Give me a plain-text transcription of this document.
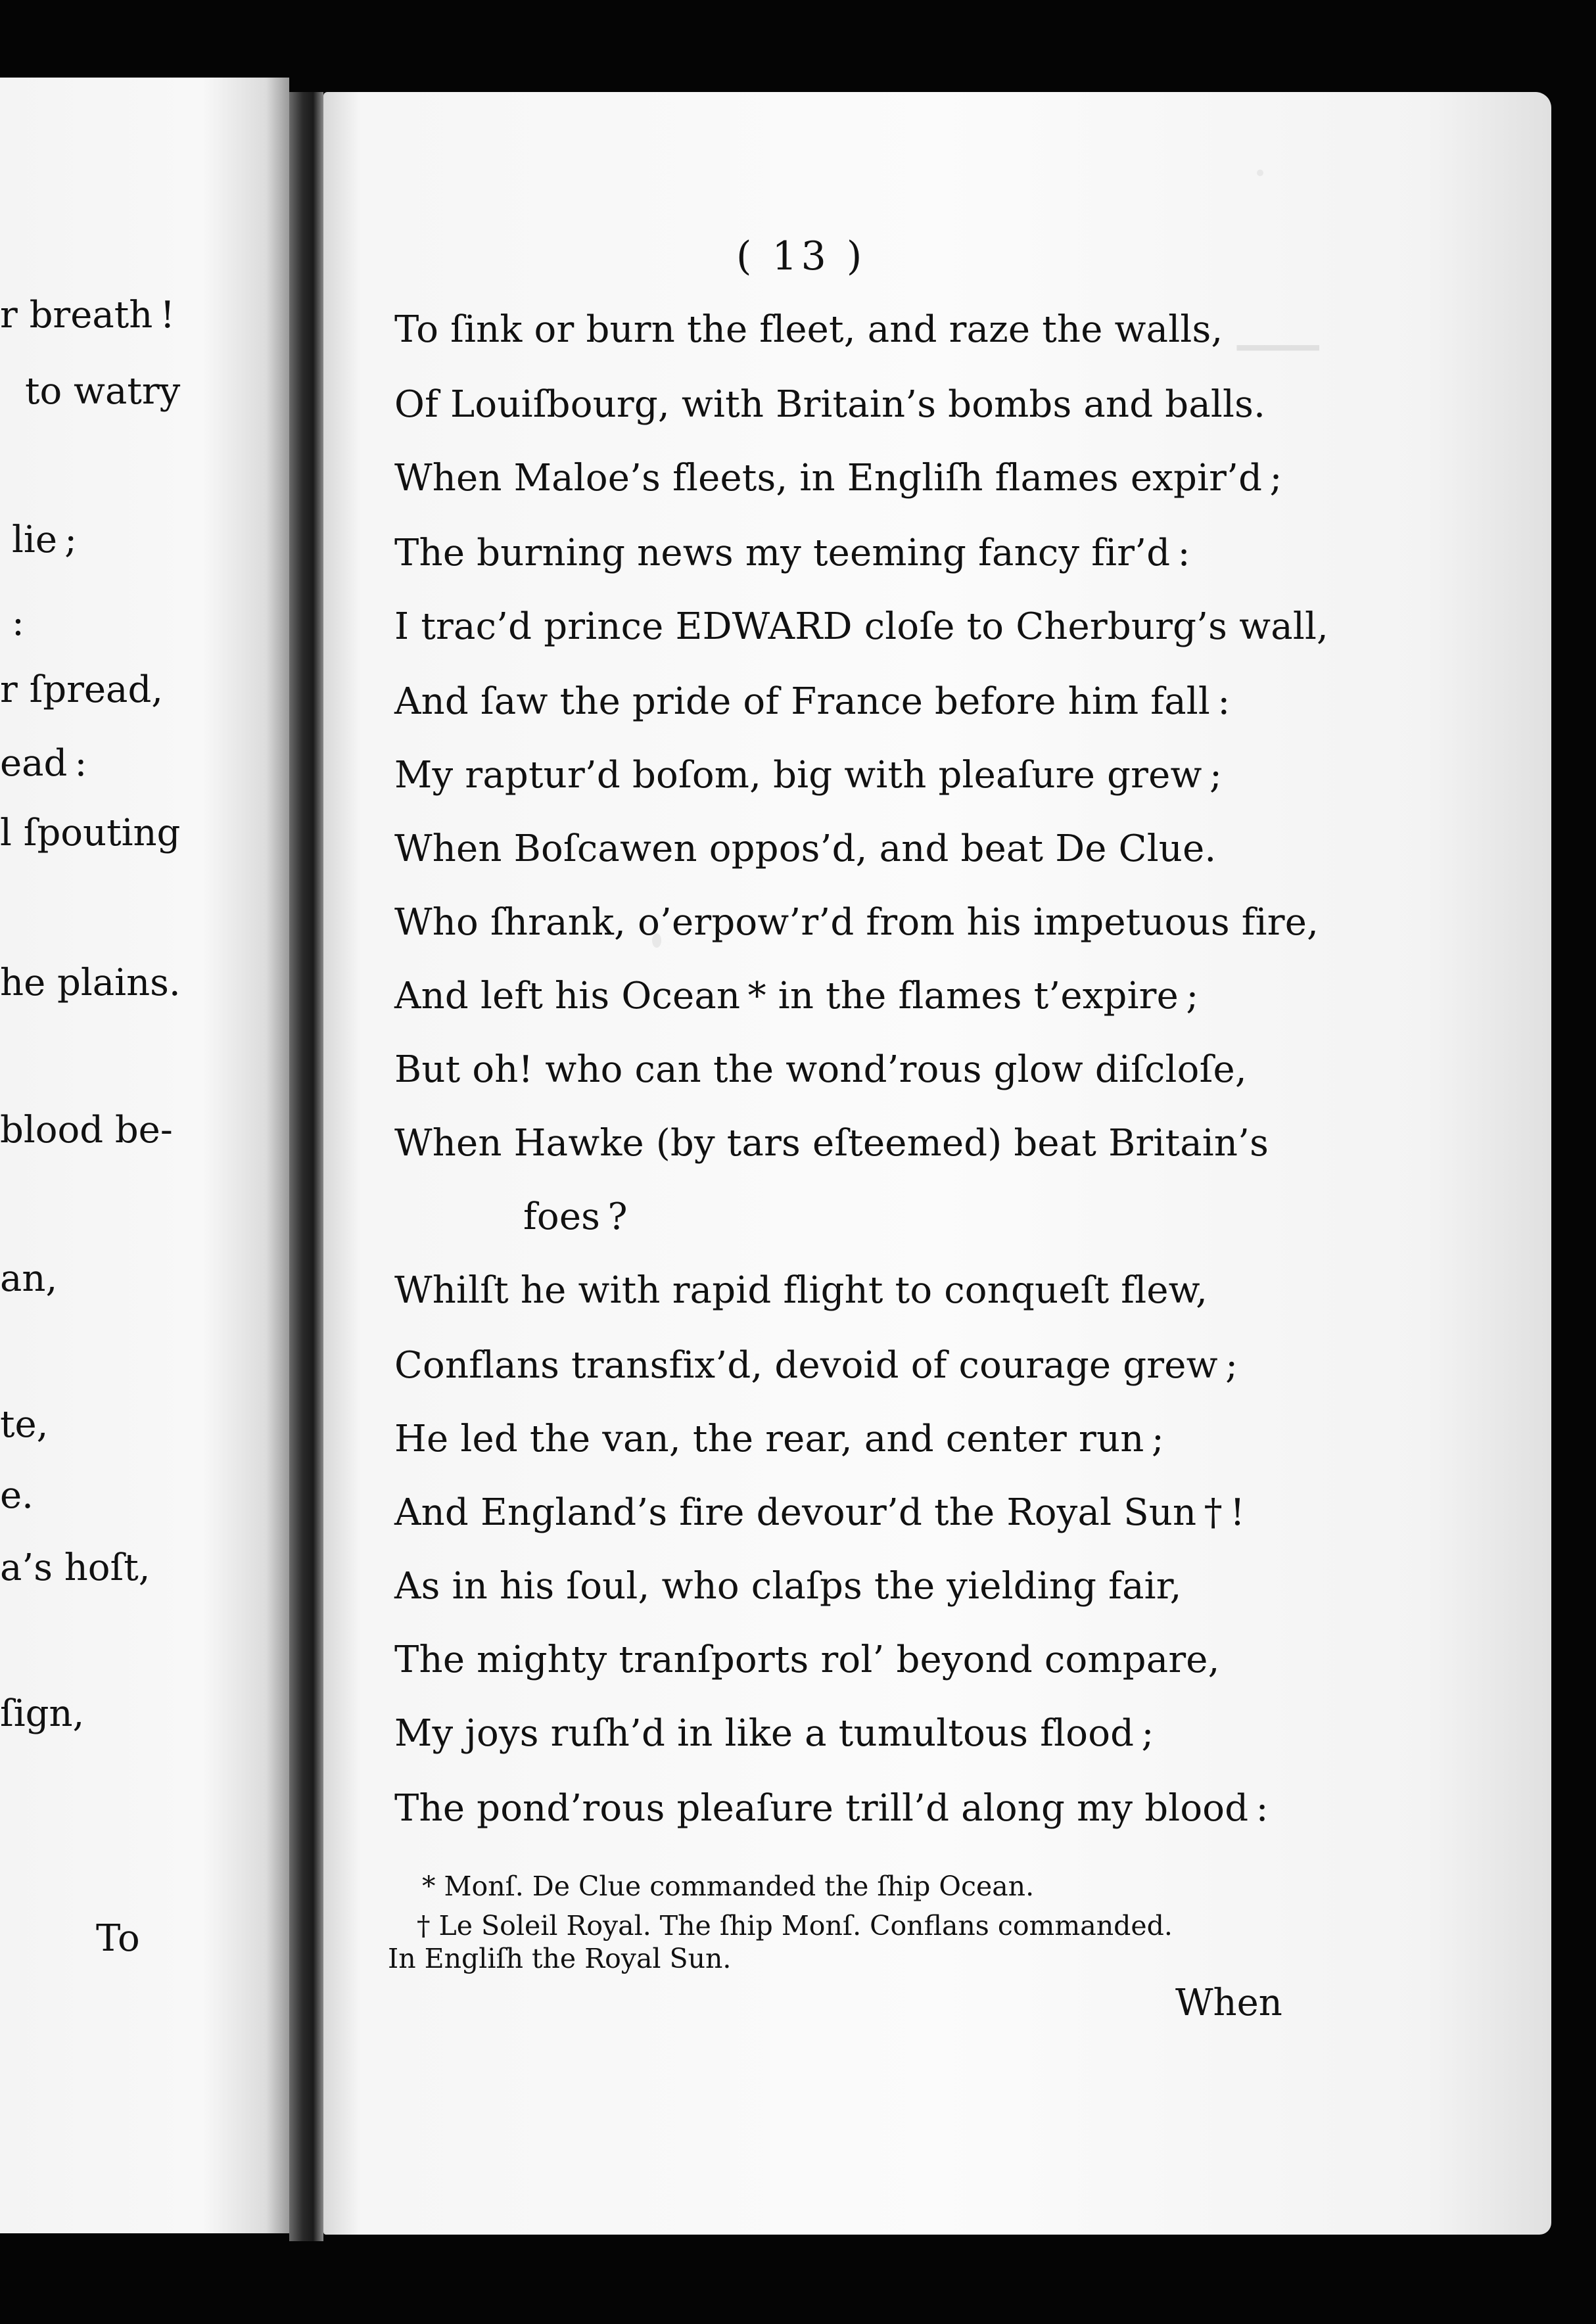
r breath !
to watry
lie ;
:
r ſpread,
ead :
l ſpouting
he plains.
blood be-
an,
te,
e.
a’s hoſt,
ſign,
To
▁▁▁
( 13 )
To ſink or burn the fleet, and raze the walls,
Of Louiſbourg, with Britain’s bombs and balls.
When Maloe’s fleets, in Engliſh flames expir’d ;
The burning news my teeming fancy fir’d :
I trac’d prince EDWARD cloſe to Cherburg’s wall,
And ſaw the pride of France before him fall :
My raptur’d boſom, big with pleaſure grew ;
When Boſcawen oppos’d, and beat De Clue.
Who ſhrank, o’erpow’r’d from his impetuous fire,
And left his Ocean * in the flames t’expire ;
But oh! who can the wond’rous glow diſcloſe,
When Hawke (by tars eſteemed) beat Britain’s
foes ?
Whilſt he with rapid flight to conqueſt flew,
Conflans transfix’d, devoid of courage grew ;
He led the van, the rear, and center run ;
And England’s fire devour’d the Royal Sun † !
As in his ſoul, who claſps the yielding fair,
The mighty tranſports rol’ beyond compare,
My joys ruſh’d in like a tumultous flood ;
The pond’rous pleaſure trill’d along my blood :
* Monſ. De Clue commanded the ſhip Ocean.
† Le Soleil Royal. The ſhip Monſ. Conflans commanded.
In Engliſh the Royal Sun.
When
